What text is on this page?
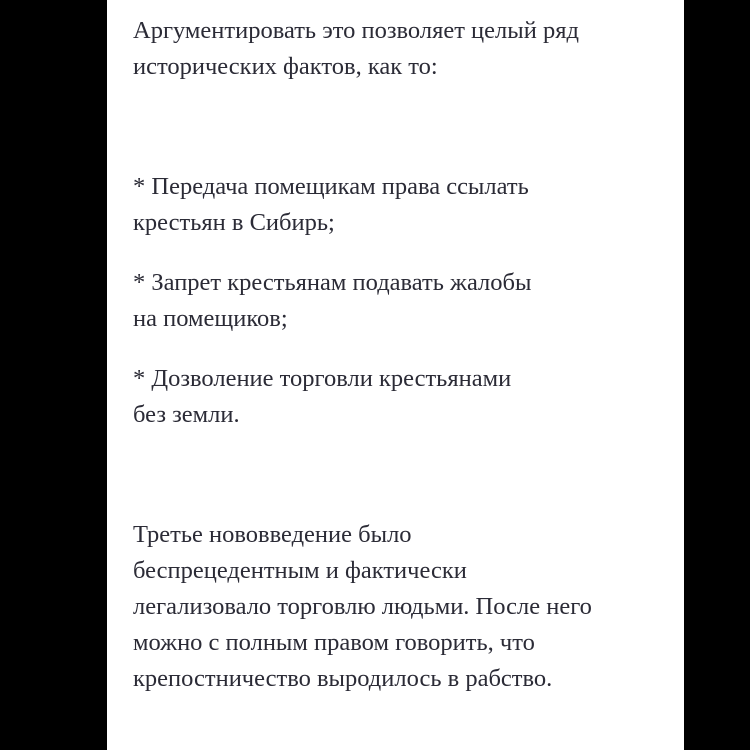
Аргументировать это позволяет целый ряд
исторических фактов, как то:
* Передача помещикам права ссылать
крестьян в Сибирь;
* Запрет крестьянам подавать жалобы
на помещиков;
* Дозволение торговли крестьянами
без земли.
Третье нововведение было
беспрецедентным и фактически
легализовало торговлю людьми. После него
можно с полным правом говорить, что
крепостничество выродилось в рабство.
